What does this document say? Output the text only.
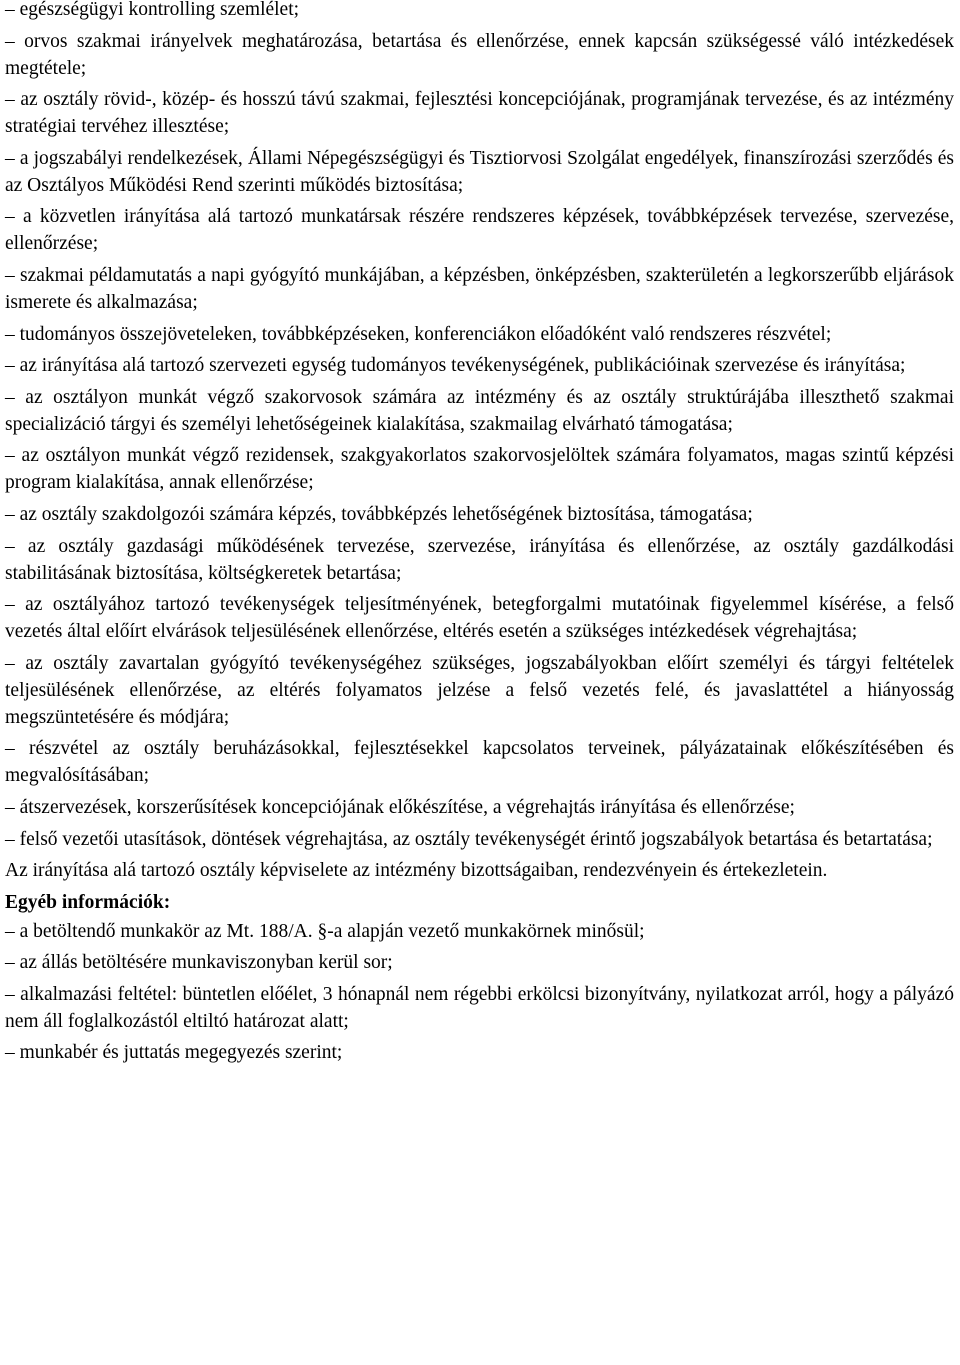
– egészségügyi kontrolling szemlélet;
– orvos szakmai irányelvek meghatározása, betartása és ellenőrzése, ennek kapcsán szükségessé váló intézkedések megtétele;
– az osztály rövid-, közép- és hosszú távú szakmai, fejlesztési koncepciójának, programjának tervezése, és az intézmény stratégiai tervéhez illesztése;
– a jogszabályi rendelkezések, Állami Népegészségügyi és Tisztiorvosi Szolgálat engedélyek, finanszírozási szerződés és az Osztályos Működési Rend szerinti működés biztosítása;
– a közvetlen irányítása alá tartozó munkatársak részére rendszeres képzések, továbbképzések tervezése, szervezése, ellenőrzése;
– szakmai példamutatás a napi gyógyító munkájában, a képzésben, önképzésben, szakterületén a legkorszerűbb eljárások ismerete és alkalmazása;
– tudományos összejöveteleken, továbbképzéseken, konferenciákon előadóként való rendszeres részvétel;
– az irányítása alá tartozó szervezeti egység tudományos tevékenységének, publikációinak szervezése és irányítása;
– az osztályon munkát végző szakorvosok számára az intézmény és az osztály struktúrájába illeszthető szakmai specializáció tárgyi és személyi lehetőségeinek kialakítása, szakmailag elvárható támogatása;
– az osztályon munkát végző rezidensek, szakgyakorlatos szakorvosjelöltek számára folyamatos, magas szintű képzési program kialakítása, annak ellenőrzése;
– az osztály szakdolgozói számára képzés, továbbképzés lehetőségének biztosítása, támogatása;
– az osztály gazdasági működésének tervezése, szervezése, irányítása és ellenőrzése, az osztály gazdálkodási stabilitásának biztosítása, költségkeretek betartása;
– az osztályához tartozó tevékenységek teljesítményének, betegforgalmi mutatóinak figyelemmel kísérése, a felső vezetés által előírt elvárások teljesülésének ellenőrzése, eltérés esetén a szükséges intézkedések végrehajtása;
– az osztály zavartalan gyógyító tevékenységéhez szükséges, jogszabályokban előírt személyi és tárgyi feltételek teljesülésének ellenőrzése, az eltérés folyamatos jelzése a felső vezetés felé, és javaslattétel a hiányosság megszüntetésére és módjára;
– részvétel az osztály beruházásokkal, fejlesztésekkel kapcsolatos terveinek, pályázatainak előkészítésében és megvalósításában;
– átszervezések, korszerűsítések koncepciójának előkészítése, a végrehajtás irányítása és ellenőrzése;
– felső vezetői utasítások, döntések végrehajtása, az osztály tevékenységét érintő jogszabályok betartása és betartatása;
Az irányítása alá tartozó osztály képviselete az intézmény bizottságaiban, rendezvényein és értekezletein.
Egyéb információk:
– a betöltendő munkakör az Mt. 188/A. §-a alapján vezető munkakörnek minősül;
– az állás betöltésére munkaviszonyban kerül sor;
– alkalmazási feltétel: büntetlen előélet, 3 hónapnál nem régebbi erkölcsi bizonyítvány, nyilatkozat arról, hogy a pályázó nem áll foglalkozástól eltiltó határozat alatt;
– munkabér és juttatás megegyezés szerint;
